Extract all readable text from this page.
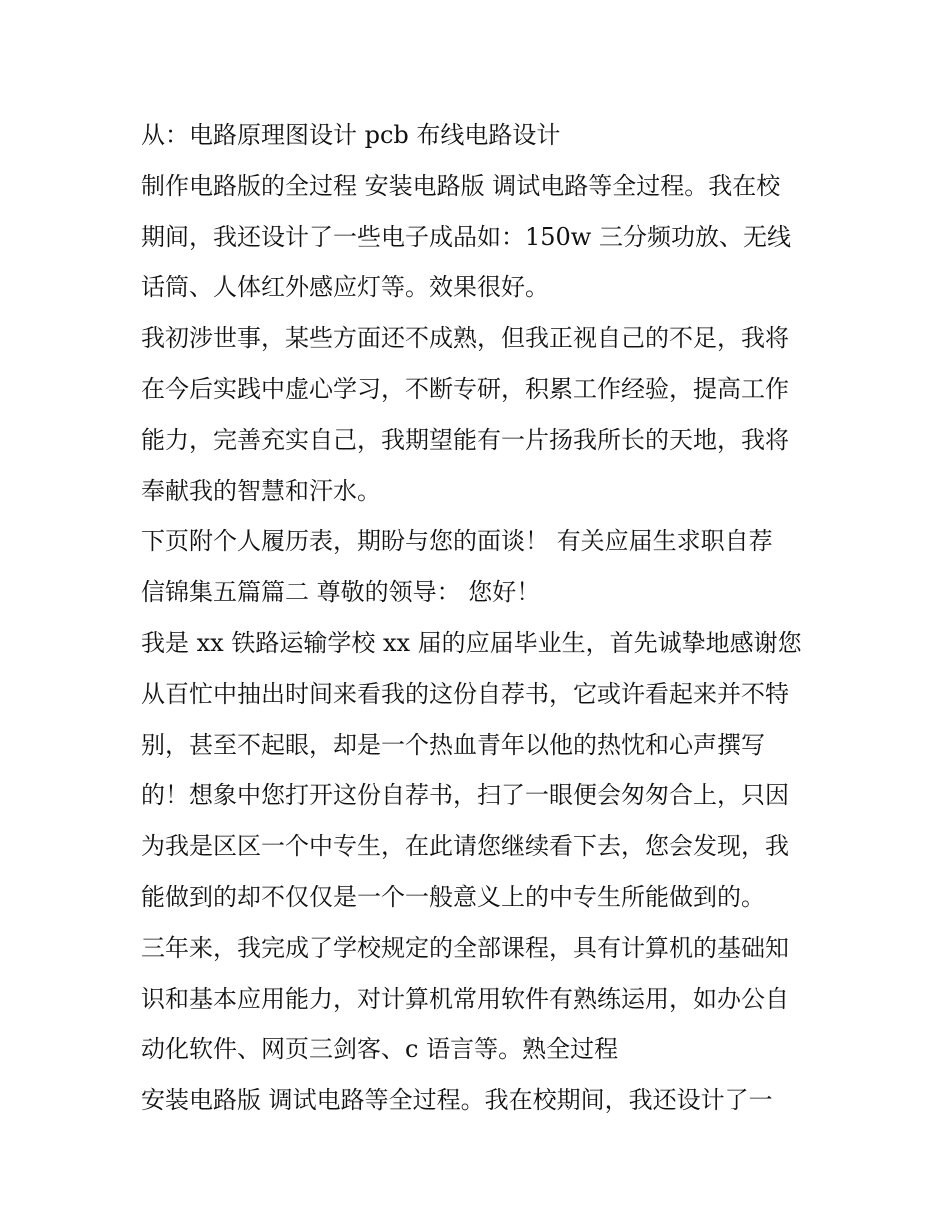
从：电路原理图设计 pcb 布线电路设计
制作电路版的全过程 安装电路版 调试电路等全过程。我在校
期间，我还设计了一些电子成品如：150w 三分频功放、无线
话筒、人体红外感应灯等。效果很好。
我初涉世事，某些方面还不成熟，但我正视自己的不足，我将
在今后实践中虚心学习，不断专研，积累工作经验，提高工作
能力，完善充实自己，我期望能有一片扬我所长的天地，我将
奉献我的智慧和汗水。
下页附个人履历表，期盼与您的面谈！ 有关应届生求职自荐
信锦集五篇篇二 尊敬的领导： 您好！
我是 xx 铁路运输学校 xx 届的应届毕业生，首先诚挚地感谢您
从百忙中抽出时间来看我的这份自荐书，它或许看起来并不特
别，甚至不起眼，却是一个热血青年以他的热忱和心声撰写
的！想象中您打开这份自荐书，扫了一眼便会匆匆合上，只因
为我是区区一个中专生，在此请您继续看下去，您会发现，我
能做到的却不仅仅是一个一般意义上的中专生所能做到的。
三年来，我完成了学校规定的全部课程，具有计算机的基础知
识和基本应用能力，对计算机常用软件有熟练运用，如办公自
动化软件、网页三剑客、c 语言等。熟全过程
安装电路版 调试电路等全过程。我在校期间，我还设计了一
